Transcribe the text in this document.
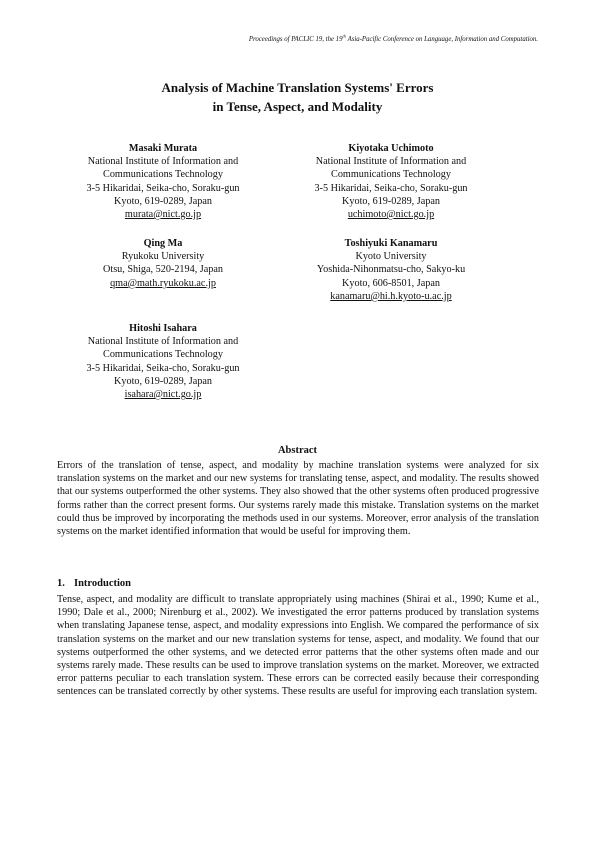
Proceedings of PACLIC 19, the 19th Asia-Pacific Conference on Language, Information and Computation.
Analysis of Machine Translation Systems' Errors
in Tense, Aspect, and Modality
Masaki Murata
National Institute of Information and
Communications Technology
3-5 Hikaridai, Seika-cho, Soraku-gun
Kyoto, 619-0289, Japan
murata@nict.go.jp
Kiyotaka Uchimoto
National Institute of Information and
Communications Technology
3-5 Hikaridai, Seika-cho, Soraku-gun
Kyoto, 619-0289, Japan
uchimoto@nict.go.jp
Qing Ma
Ryukoku University
Otsu, Shiga, 520-2194, Japan
qma@math.ryukoku.ac.jp
Toshiyuki Kanamaru
Kyoto University
Yoshida-Nihonmatsu-cho, Sakyo-ku
Kyoto, 606-8501, Japan
kanamaru@hi.h.kyoto-u.ac.jp
Hitoshi Isahara
National Institute of Information and
Communications Technology
3-5 Hikaridai, Seika-cho, Soraku-gun
Kyoto, 619-0289, Japan
isahara@nict.go.jp
Abstract

Errors of the translation of tense, aspect, and modality by machine translation systems were analyzed for six translation systems on the market and our new systems for translating tense, aspect, and modality. The results showed that our systems outperformed the other systems. They also showed that the other systems often produced progressive forms rather than the correct present forms. Our systems rarely made this mistake. Translation systems on the market could thus be improved by incorporating the methods used in our systems. Moreover, error analysis of the translation systems on the market identified information that would be useful for improving them.

1. Introduction

Tense, aspect, and modality are difficult to translate appropriately using machines (Shirai et al., 1990; Kume et al., 1990; Dale et al., 2000; Nirenburg et al., 2002). We investigated the error patterns produced by translation systems when translating Japanese tense, aspect, and modality expressions into English. We compared the performance of six translation systems on the market and our new translation systems for tense, aspect, and modality. We found that our systems outperformed the other systems, and we detected error patterns that the other systems often made and our systems rarely made. These results can be used to improve translation systems on the market. Moreover, we extracted error patterns peculiar to each translation system. These errors can be corrected easily because their corresponding sentences can be translated correctly by other systems. These results are useful for improving each translation system.
